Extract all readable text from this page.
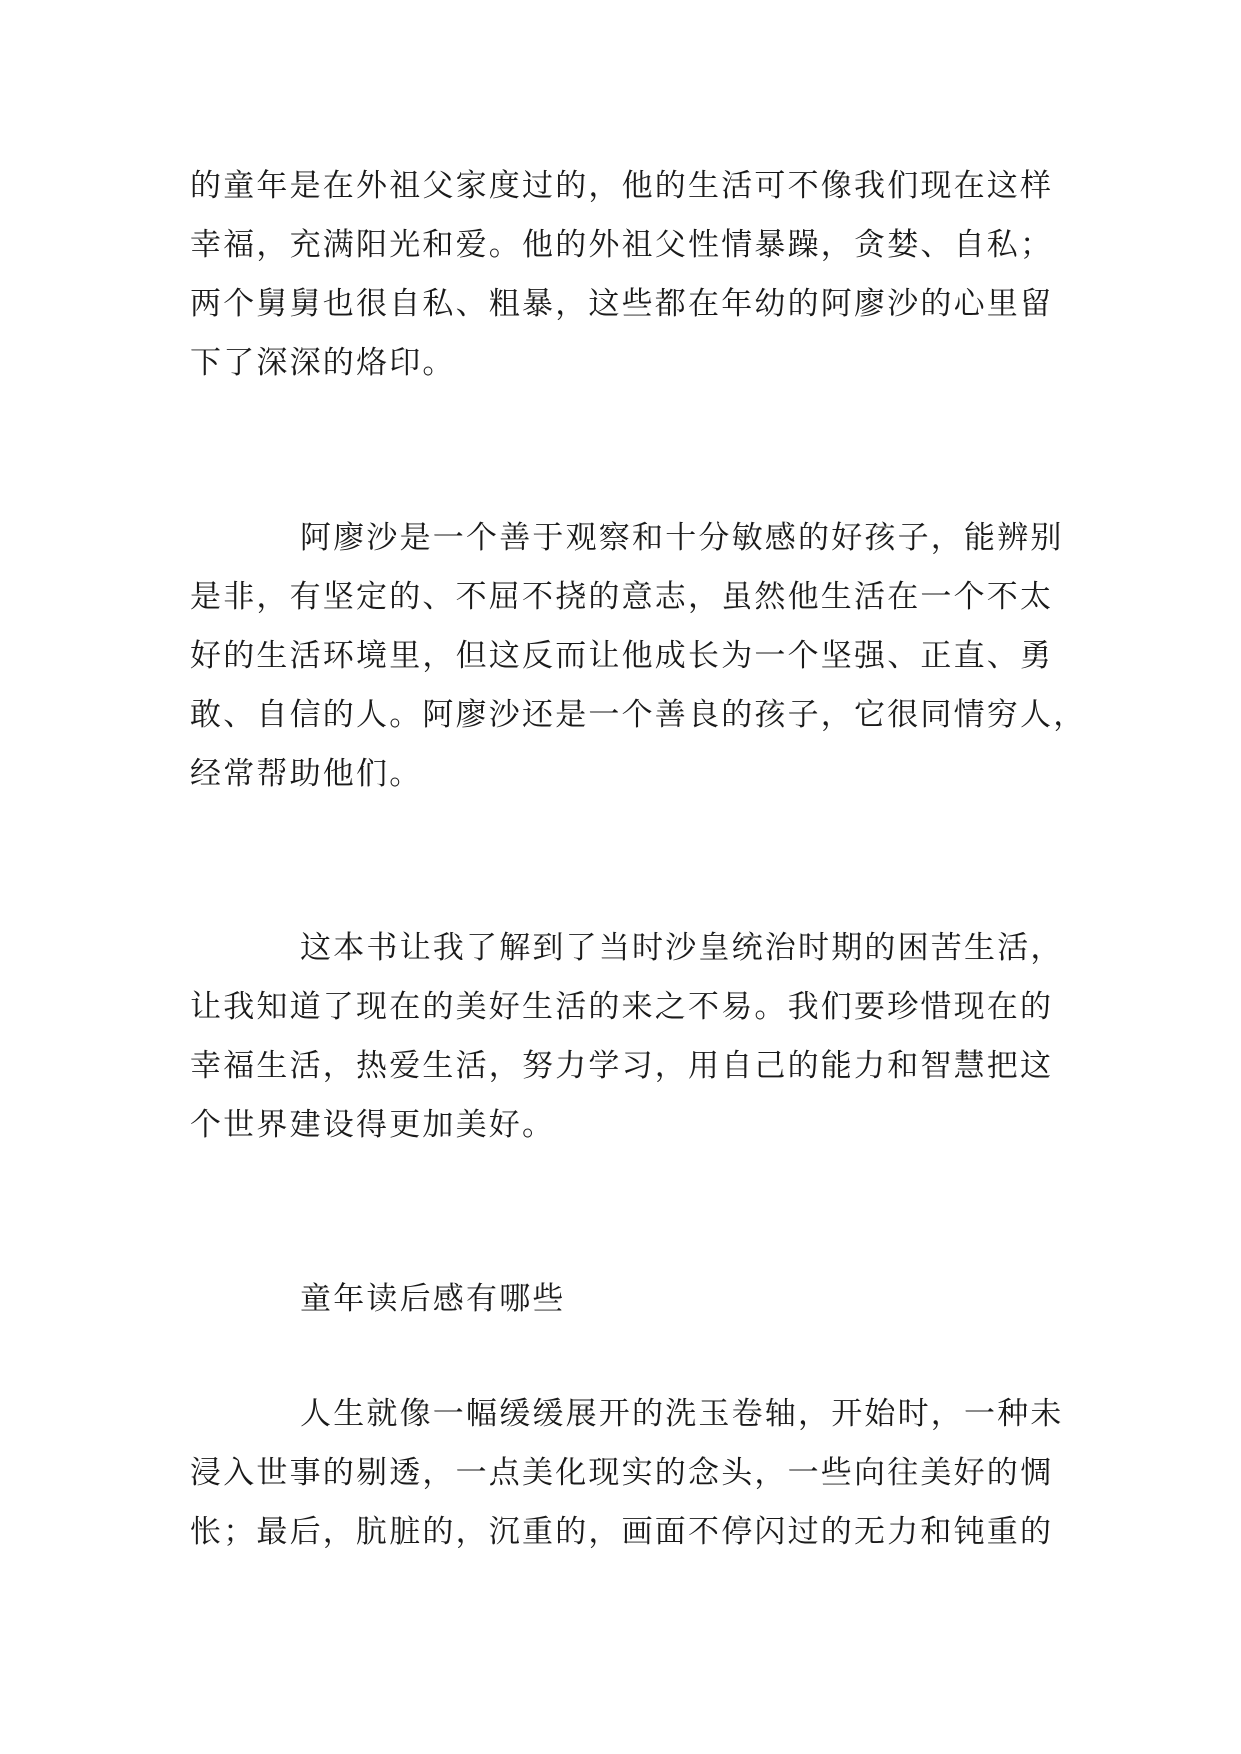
的童年是在外祖父家度过的，他的生活可不像我们现在这样
幸福，充满阳光和爱。他的外祖父性情暴躁，贪婪、自私；
两个舅舅也很自私、粗暴，这些都在年幼的阿廖沙的心里留
下了深深的烙印。
阿廖沙是一个善于观察和十分敏感的好孩子，能辨别
是非，有坚定的、不屈不挠的意志，虽然他生活在一个不太
好的生活环境里，但这反而让他成长为一个坚强、正直、勇
敢、自信的人。阿廖沙还是一个善良的孩子，它很同情穷人，
经常帮助他们。
这本书让我了解到了当时沙皇统治时期的困苦生活，
让我知道了现在的美好生活的来之不易。我们要珍惜现在的
幸福生活，热爱生活，努力学习，用自己的能力和智慧把这
个世界建设得更加美好。
童年读后感有哪些
人生就像一幅缓缓展开的洗玉卷轴，开始时，一种未
浸入世事的剔透，一点美化现实的念头，一些向往美好的惆
怅；最后，肮脏的，沉重的，画面不停闪过的无力和钝重的
